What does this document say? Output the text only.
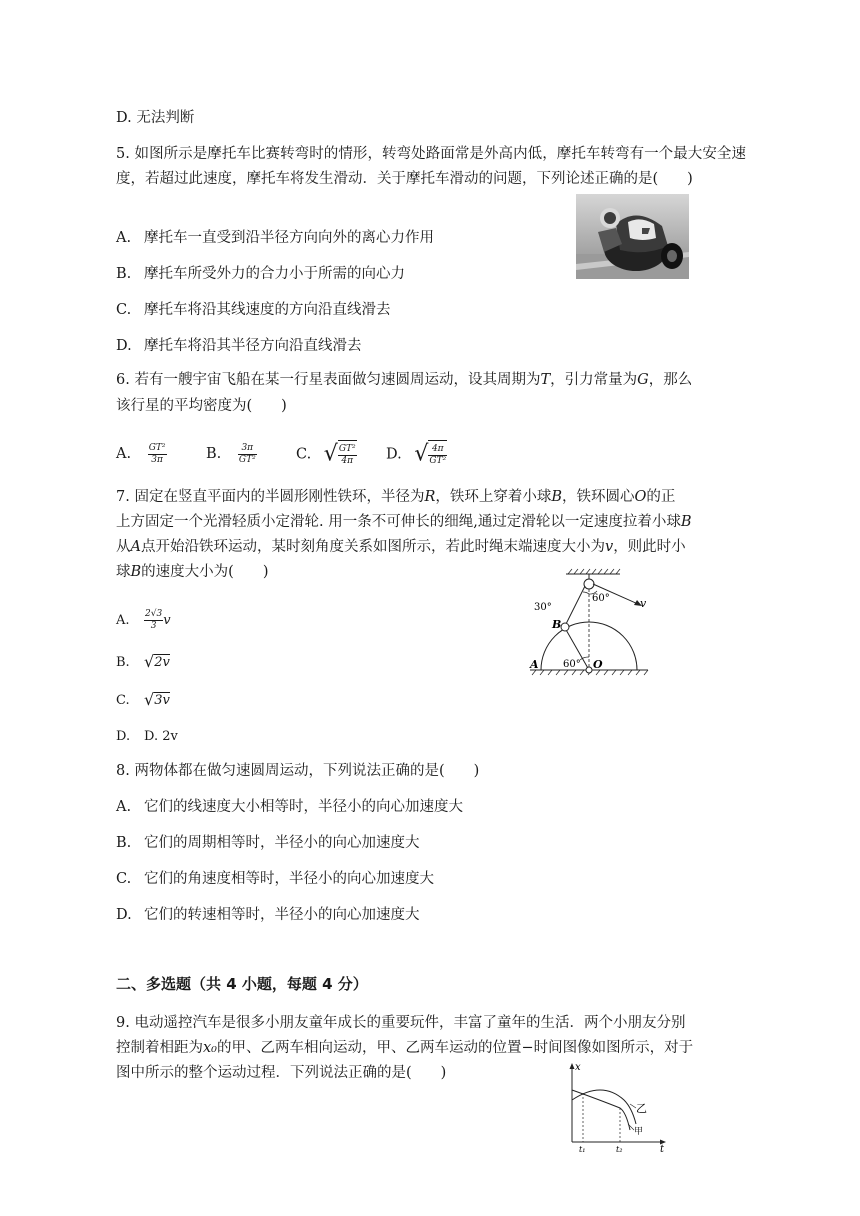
D. 无法判断
5. 如图所示是摩托车比赛转弯时的情形，转弯处路面常是外高内低，摩托车转弯有一个最大安全速度，若超过此速度，摩托车将发生滑动．关于摩托车滑动的问题，下列论述正确的是(　　)
A. 摩托车一直受到沿半径方向向外的离心力作用
B. 摩托车所受外力的合力小于所需的向心力
C. 摩托车将沿其线速度的方向沿直线滑去
D. 摩托车将沿其半径方向沿直线滑去
6. 若有一艘宇宙飞船在某一行星表面做匀速圆周运动，设其周期为T，引力常量为G，那么
该行星的平均密度为(　　)
A. $\frac{\text{GT²}}{3\pi}$	B. $\frac{3\pi}{\text{GT²}}$	C. √ $\frac{\text{GT²}}{4\pi} D$. √ $\frac{4\pi}{\text{GT²}}$
7. 固定在竖直平面内的半圆形刚性铁环，半径为R，铁环上穿着小球B，铁环圆心O的正
上方固定一个光滑轻质小定滑轮. 用一条不可伸长的细绳,通过定滑轮以一定速度拉着小球B
从A点开始沿铁环运动，某时刻角度关系如图所示，若此时绳末端速度大小为v，则此时小
球B的速度大小为(　　)
A. $\frac{2√3}{3}$ v
B. √2v
C. √3v
D. D. 2v
30°
60°
60°
v
B
A	O
8. 两物体都在做匀速圆周运动，下列说法正确的是(　　)
A. 它们的线速度大小相等时，半径小的向心加速度大
B. 它们的周期相等时，半径小的向心加速度大
C. 它们的角速度相等时，半径小的向心加速度大
D. 它们的转速相等时，半径小的向心加速度大
二、多选题（共 4 小题，每题 4 分）
9. 电动遥控汽车是很多小朋友童年成长的重要玩件，丰富了童年的生活．两个小朋友分别
控制着相距为x₀的甲、乙两车相向运动，甲、乙两车运动的位置−时间图像如图所示，对于
图中所示的整个运动过程．下列说法正确的是(　　)	x
t
乙
甲
t₁	t₂
